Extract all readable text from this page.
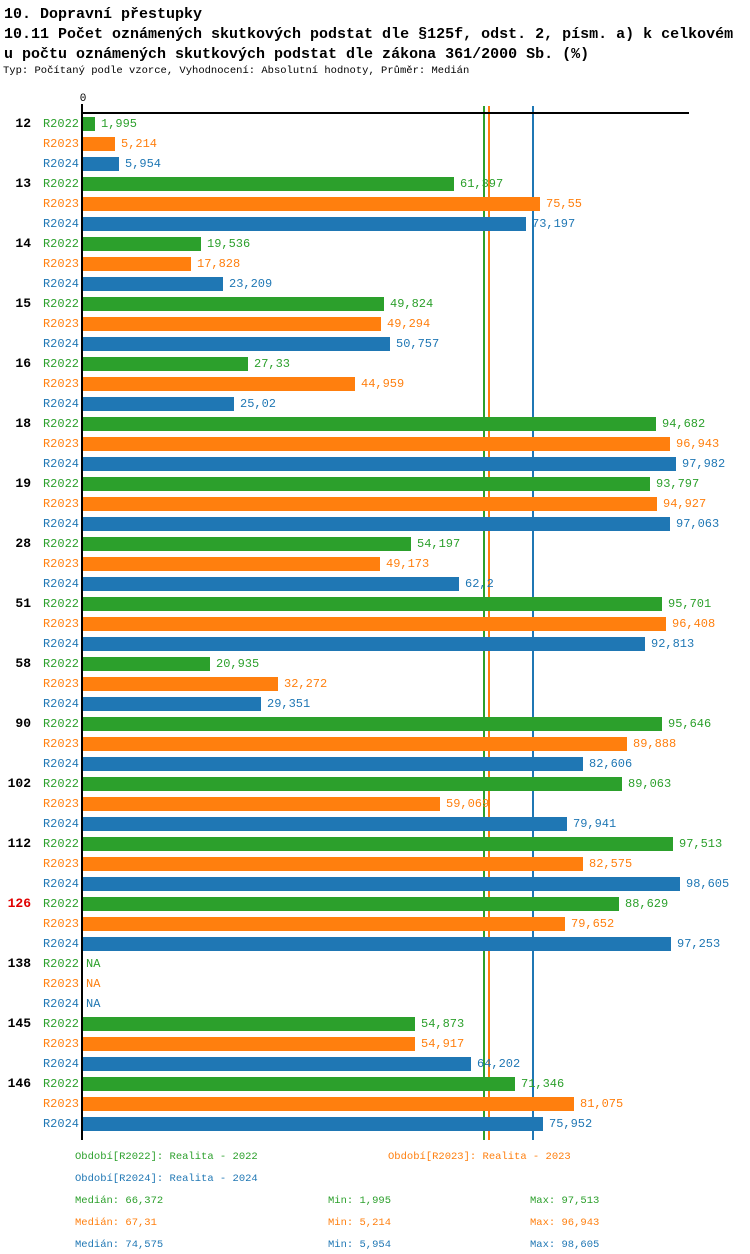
10. Dopravní přestupky
10.11 Počet oznámených skutkových podstat dle §125f, odst. 2, písm. a) k celkovém
u počtu oznámených skutkových podstat dle zákona 361/2000 Sb. (%)
Typ: Počítaný podle vzorce, Vyhodnocení: Absolutní hodnoty, Průměr: Medián
0
12 R2022 1,995
R2023	5,214
R2024	5,954
13 R2022	61,397
R2023	75,55
R2024	73,197
14 R2022	19,536
R2023	17,828
R2024	23,209
15 R2022	49,824
R2023	49,294
R2024	50,757
16 R2022	27,33
R2023	44,959
R2024	25,02
18 R2022	94,682
R2023	96,943
R2024	97,982
19 R2022	93,797
R2023	94,927
R2024	97,063
28 R2022	54,197
R2023	49,173
R2024	62,2
51 R2022	95,701
R2023	96,408
R2024	92,813
58 R2022	20,935
R2023	32,272
R2024	29,351
90 R2022	95,646
R2023	89,888
R2024	82,606
102 R2022	89,063
R2023	59,069
R2024	79,941
112 R2022	97,513
R2023	82,575
R2024	98,605
126 R2022	88,629
R2023	79,652
R2024	97,253
138 R2022 NA
R2023 NA
R2024 NA
145 R2022	54,873
R2023	54,917
R2024	64,202
146 R2022	71,346
R2023	81,075
R2024	75,952
Období[R2022]: Realita - 2022	Období[R2023]: Realita - 2023
Období[R2024]: Realita - 2024
Medián: 66,372	Min: 1,995	Max: 97,513
Medián: 67,31	Min: 5,214	Max: 96,943
Medián: 74,575	Min: 5,954	Max: 98,605
